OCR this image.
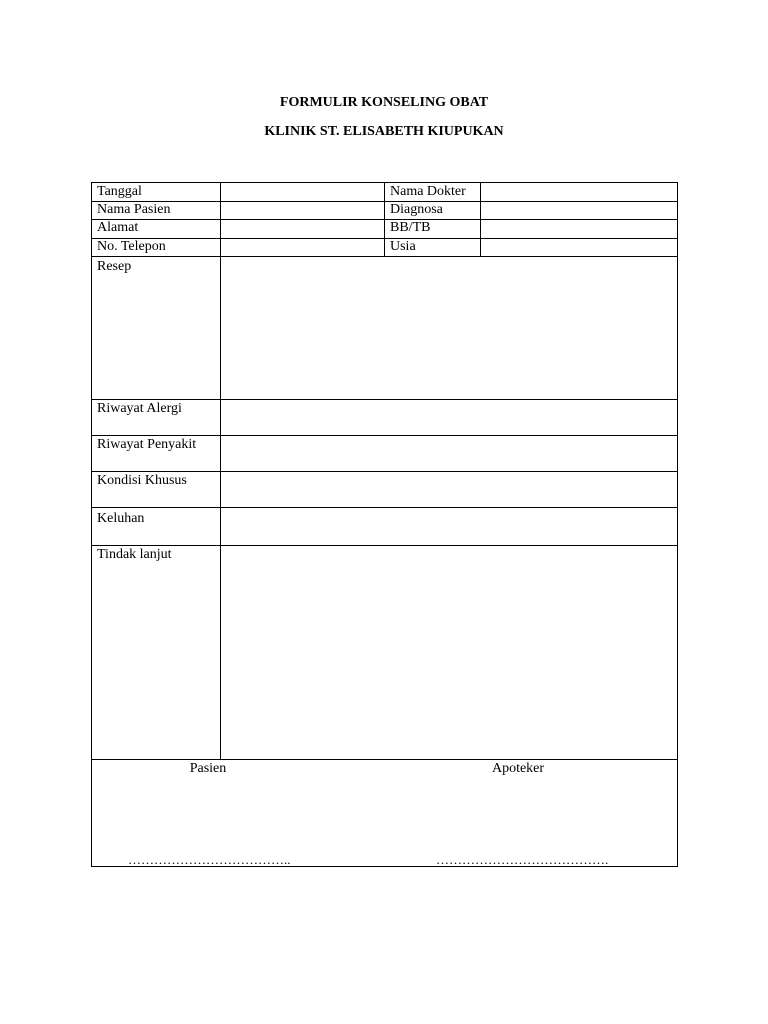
FORMULIR KONSELING OBAT
KLINIK ST. ELISABETH KIUPUKAN
Tanggal	Nama Dokter
Nama Pasien	Diagnosa
Alamat	BB/TB
No. Telepon	Usia
Resep
Riwayat Alergi
Riwayat Penyakit
Kondisi Khusus
Keluhan
Tindak lanjut
Pasien	Apoteker
………………………………..	………………………………….
